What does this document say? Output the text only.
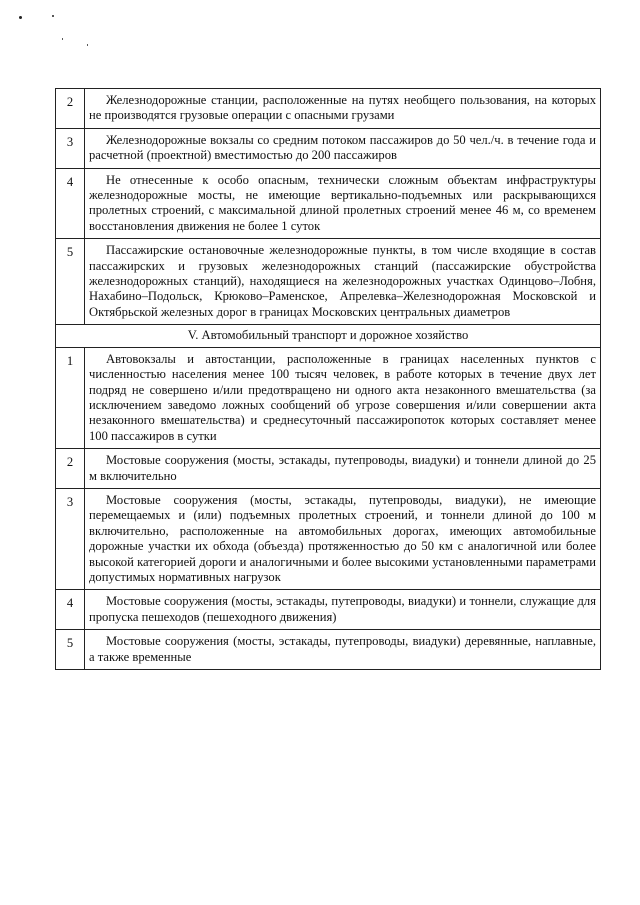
2	Железнодорожные станции, расположенные на путях необщего пользования, на которых не производятся грузовые операции с опасными грузами

3	Железнодорожные вокзалы со средним потоком пассажиров до 50 чел./ч. в течение года и расчетной (проектной) вместимостью до 200 пассажиров

4	Не отнесенные к особо опасным, технически сложным объектам инфраструктуры железнодорожные мосты, не имеющие вертикально-подъемных или раскрывающихся пролетных строений, с максимальной длиной пролетных строений менее 46 м, со временем восстановления движения не более 1 суток

5	Пассажирские остановочные железнодорожные пункты, в том числе входящие в состав пассажирских и грузовых железнодорожных станций (пассажирские обустройства железнодорожных станций), находящиеся на железнодорожных участках Одинцово–Лобня, Нахабино–Подольск, Крюково–Раменское, Апрелевка–Железнодорожная Московской и Октябрьской железных дорог в границах Московских центральных диаметров

V. Автомобильный транспорт и дорожное хозяйство	
1	Автовокзалы и автостанции, расположенные в границах населенных пунктов с численностью населения менее 100 тысяч человек, в работе которых в течение двух лет подряд не совершено и/или предотвращено ни одного акта незаконного вмешательства (за исключением заведомо ложных сообщений об угрозе совершения и/или совершении акта незаконного вмешательства) и среднесуточный пассажиропоток которых составляет менее 100 пассажиров в сутки

2	Мостовые сооружения (мосты, эстакады, путепроводы, виадуки) и тоннели длиной до 25 м включительно

3	Мостовые сооружения (мосты, эстакады, путепроводы, виадуки), не имеющие перемещаемых и (или) подъемных пролетных строений, и тоннели длиной до 100 м включительно, расположенные на автомобильных дорогах, имеющих автомобильные дорожные участки их обхода (объезда) протяженностью до 50 км с аналогичной или более высокой категорией дороги и аналогичными и более высокими установленными параметрами допустимых нормативных нагрузок

4	Мостовые сооружения (мосты, эстакады, путепроводы, виадуки) и тоннели, служащие для пропуска пешеходов (пешеходного движения)

5	Мостовые сооружения (мосты, эстакады, путепроводы, виадуки) деревянные, наплавные, а также временные
